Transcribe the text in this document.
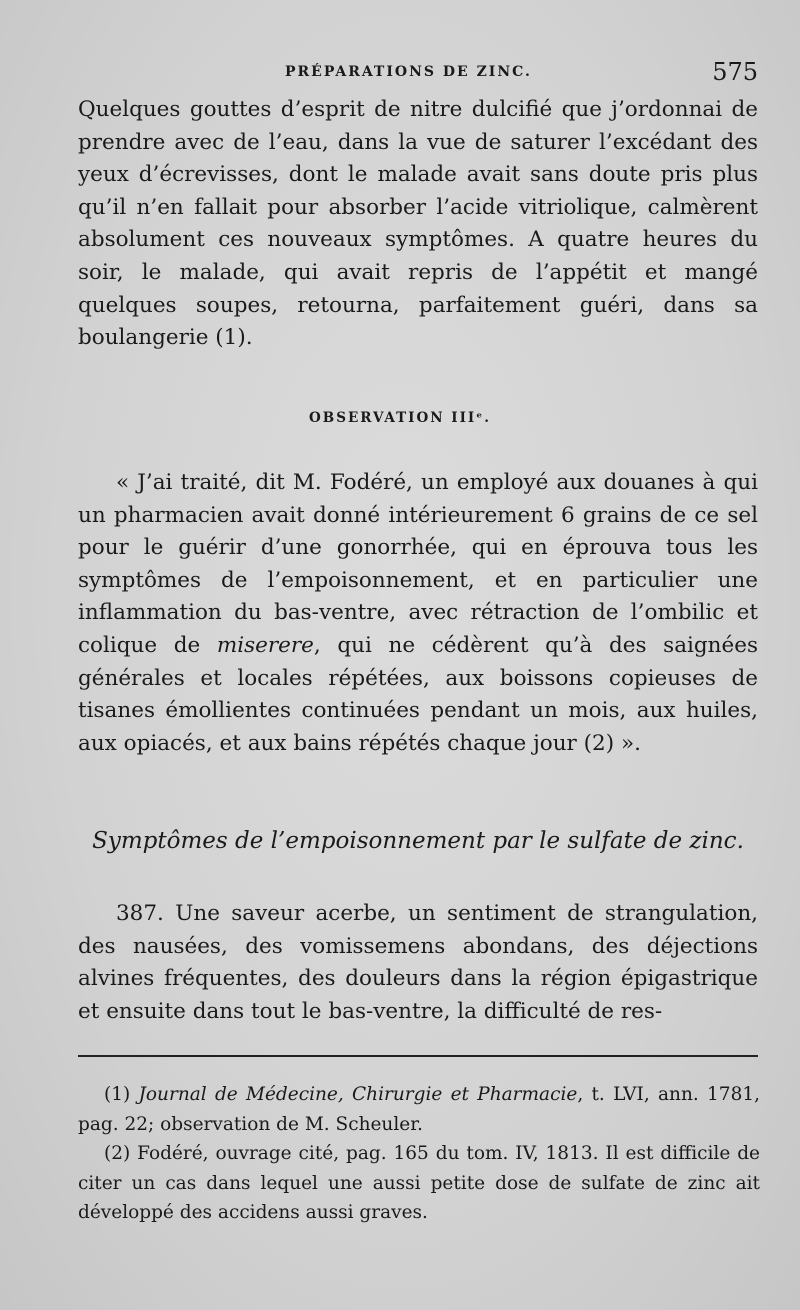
PRÉPARATIONS DE ZINC.	575

Quelques gouttes d’esprit de nitre dulcifié que j’ordonnai de prendre avec de l’eau, dans la vue de saturer l’excédant des yeux d’écrevisses, dont le malade avait sans doute pris plus qu’il n’en fallait pour absorber l’acide vitriolique, calmèrent absolument ces nouveaux symptômes. A quatre heures du soir, le malade, qui avait repris de l’appétit et mangé quelques soupes, retourna, parfaitement guéri, dans sa boulangerie (1).

OBSERVATION IIIᵉ.

« J’ai traité, dit M. Fodéré, un employé aux douanes à qui un pharmacien avait donné intérieurement 6 grains de ce sel pour le guérir d’une gonorrhée, qui en éprouva tous les symptômes de l’empoisonnement, et en particulier une inflammation du bas-ventre, avec rétraction de l’ombilic et colique de miserere, qui ne cédèrent qu’à des saignées générales et locales répétées, aux boissons copieuses de tisanes émollientes continuées pendant un mois, aux huiles, aux opiacés, et aux bains répétés chaque jour (2) ».

Symptômes de l’empoisonnement par le sulfate de zinc.

387. Une saveur acerbe, un sentiment de strangulation, des nausées, des vomissemens abondans, des déjections alvines fréquentes, des douleurs dans la région épigastrique et ensuite dans tout le bas-ventre, la difficulté de res-

(1) Journal de Médecine, Chirurgie et Pharmacie, t. LVI, ann. 1781, pag. 22; observation de M. Scheuler.

(2) Fodéré, ouvrage cité, pag. 165 du tom. IV, 1813. Il est difficile de citer un cas dans lequel une aussi petite dose de sulfate de zinc ait développé des accidens aussi graves.
